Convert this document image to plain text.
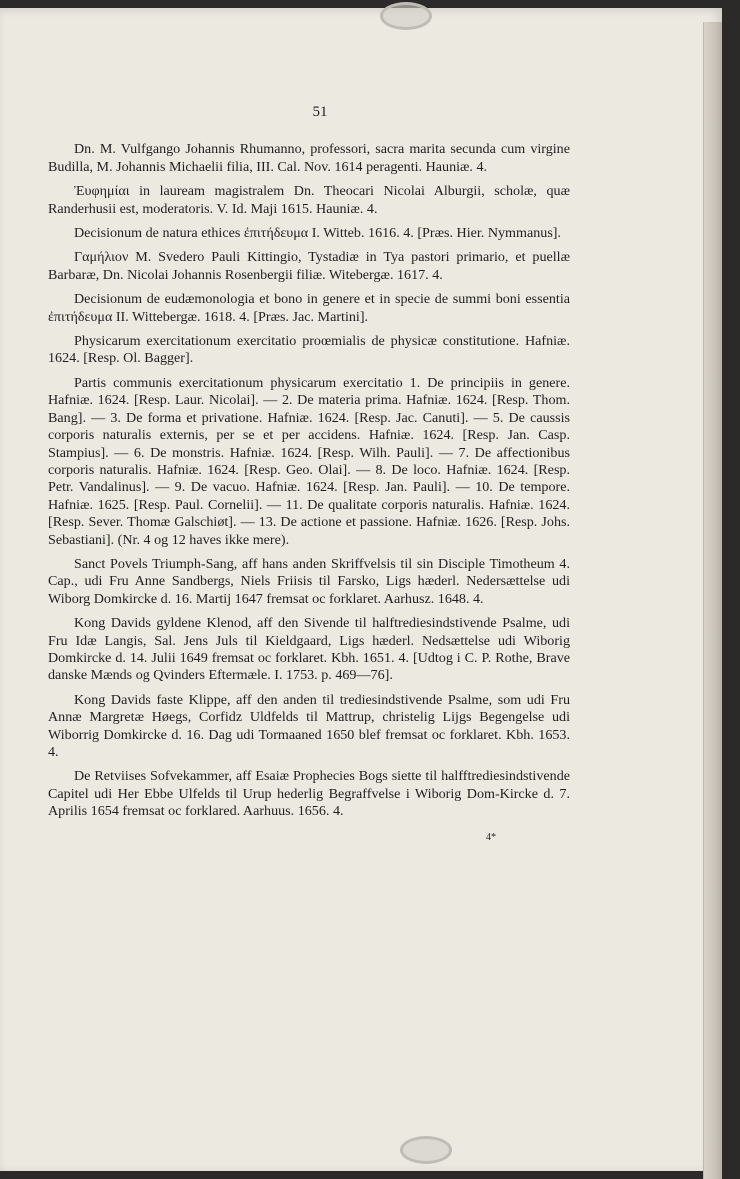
51

Dn. M. Vulfgango Johannis Rhumanno, professori, sacra marita secunda cum virgine Budilla, M. Johannis Michaelii filia, III. Cal. Nov. 1614 peragenti. Hauniæ. 4.

Ἐυφημίαι in lauream magistralem Dn. Theocari Nicolai Alburgii, scholæ, quæ Randerhusii est, moderatoris. V. Id. Maji 1615. Hauniæ. 4.

Decisionum de natura ethices ἐπιτήδευμα I. Witteb. 1616. 4. [Præs. Hier. Nymmanus].

Γαμήλιον M. Svedero Pauli Kittingio, Tystadiæ in Tya pastori primario, et puellæ Barbaræ, Dn. Nicolai Johannis Rosenbergii filiæ. Witebergæ. 1617. 4.

Decisionum de eudæmonologia et bono in genere et in specie de summi boni essentia ἐπιτήδευμα II. Wittebergæ. 1618. 4. [Præs. Jac. Martini].

Physicarum exercitationum exercitatio proœmialis de physicæ constitutione. Hafniæ. 1624. [Resp. Ol. Bagger].

Partis communis exercitationum physicarum exercitatio 1. De principiis in genere. Hafniæ. 1624. [Resp. Laur. Nicolai]. — 2. De materia prima. Hafniæ. 1624. [Resp. Thom. Bang]. — 3. De forma et privatione. Hafniæ. 1624. [Resp. Jac. Canuti]. — 5. De caussis corporis naturalis externis, per se et per accidens. Hafniæ. 1624. [Resp. Jan. Casp. Stampius]. — 6. De monstris. Hafniæ. 1624. [Resp. Wilh. Pauli]. — 7. De affectionibus corporis naturalis. Hafniæ. 1624. [Resp. Geo. Olai]. — 8. De loco. Hafniæ. 1624. [Resp. Petr. Vandalinus]. — 9. De vacuo. Hafniæ. 1624. [Resp. Jan. Pauli]. — 10. De tempore. Hafniæ. 1625. [Resp. Paul. Cornelii]. — 11. De qualitate corporis naturalis. Hafniæ. 1624. [Resp. Sever. Thomæ Galschiøt]. — 13. De actione et passione. Hafniæ. 1626. [Resp. Johs. Sebastiani]. (Nr. 4 og 12 haves ikke mere).

Sanct Povels Triumph-Sang, aff hans anden Skriffvelsis til sin Disciple Timotheum 4. Cap., udi Fru Anne Sandbergs, Niels Friisis til Farsko, Ligs hæderl. Nedersættelse udi Wiborg Domkircke d. 16. Martij 1647 fremsat oc forklaret. Aarhusz. 1648. 4.

Kong Davids gyldene Klenod, aff den Sivende til halftrediesindstivende Psalme, udi Fru Idæ Langis, Sal. Jens Juls til Kieldgaard, Ligs hæderl. Nedsættelse udi Wiborig Domkircke d. 14. Julii 1649 fremsat oc forklaret. Kbh. 1651. 4. [Udtog i C. P. Rothe, Brave danske Mænds og Qvinders Eftermæle. I. 1753. p. 469—76].

Kong Davids faste Klippe, aff den anden til tredіesindstivende Psalme, som udi Fru Annæ Margretæ Høegs, Corfidz Uldfelds til Mattrup, christelig Lijgs Begengelse udi Wiborrig Domkircke d. 16. Dag udi Tormaaned 1650 blef fremsat oc forklaret. Kbh. 1653. 4.

De Retviises Sofvekammer, aff Esaiæ Prophecies Bogs siette til halfftrediesindstivende Capitel udi Her Ebbe Ulfelds til Urup hederlig Begraffvelse i Wiborig Dom-Kircke d. 7. Aprilis 1654 fremsat oc forklared. Aarhuus. 1656. 4.

4*
